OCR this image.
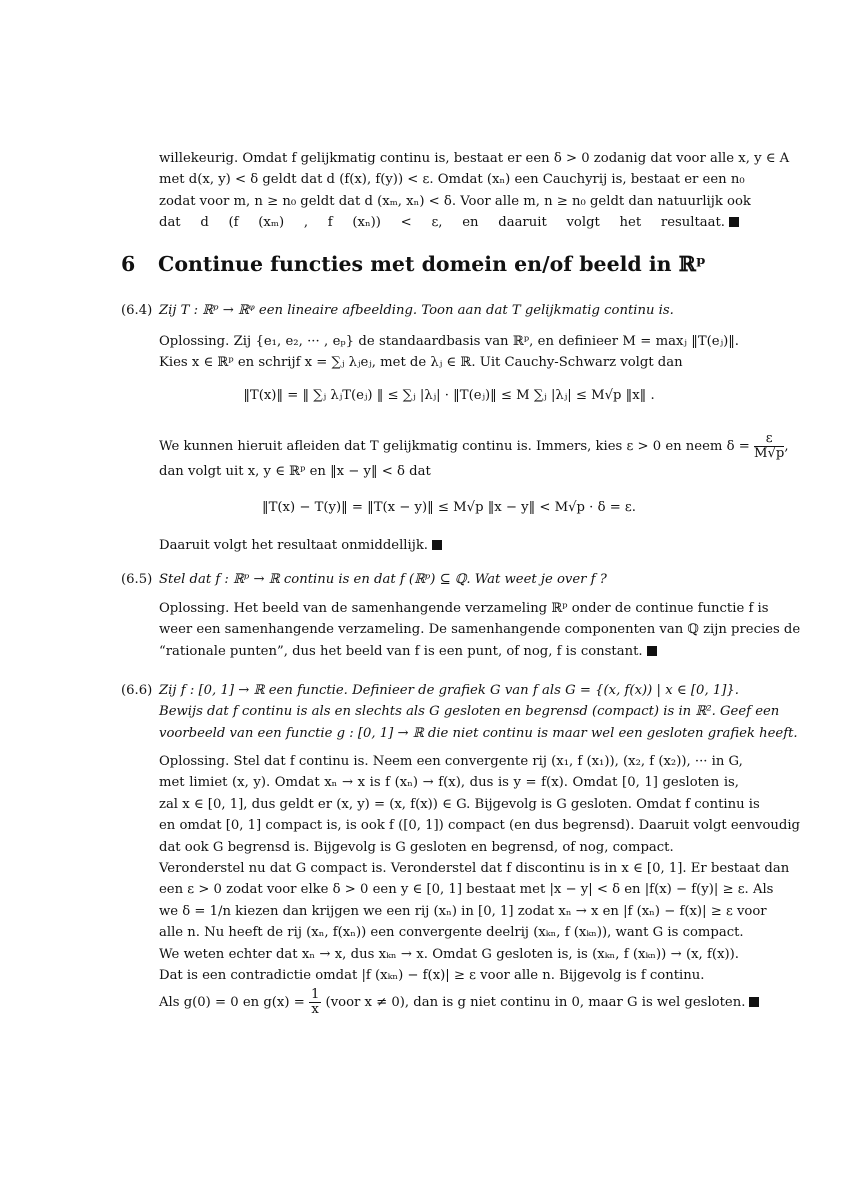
willekeurig. Omdat f gelijkmatig continu is, bestaat er een δ > 0 zodanig dat voor alle x, y ∈ A
met d(x, y) < δ geldt dat d (f(x), f(y)) < ε. Omdat (xₙ) een Cauchyrij is, bestaat er een n₀
zodat voor m, n ≥ n₀ geldt dat d (xₘ, xₙ) < δ. Voor alle m, n ≥ n₀ geldt dan natuurlijk ook
dat d (f (xₘ) , f (xₙ)) < ε, en daaruit volgt het resultaat.
6 Continue functies met domein en/of beeld in ℝᵖ
(6.4) Zij T : ℝᵖ → ℝᵠ een lineaire afbeelding. Toon aan dat T gelijkmatig continu is.
Oplossing. Zij {e₁, e₂, ··· , eₚ} de standaardbasis van ℝᵖ, en definieer M = maxⱼ ‖T(eⱼ)‖.
Kies x ∈ ℝᵖ en schrijf x = ∑ⱼ λⱼeⱼ, met de λⱼ ∈ ℝ. Uit Cauchy-Schwarz volgt dan
‖T(x)‖ = ‖ ∑ⱼ λⱼT(eⱼ) ‖ ≤ ∑ⱼ |λⱼ| · ‖T(eⱼ)‖ ≤ M ∑ⱼ |λⱼ| ≤ M√p ‖x‖ .
We kunnen hieruit afleiden dat T gelijkmatig continu is. Immers, kies ε > 0 en neem $\delta = \frac{\varepsilon}{M√p}$ ,
dan volgt uit x, y ∈ ℝᵖ en ‖x − y‖ < δ dat
‖T(x) − T(y)‖ = ‖T(x − y)‖ ≤ M√p ‖x − y‖ < M√p · δ = ε.
Daaruit volgt het resultaat onmiddellijk.
(6.5) Stel dat f : ℝᵖ → ℝ continu is en dat f (ℝᵖ) ⊆ ℚ. Wat weet je over f ?
Oplossing. Het beeld van de samenhangende verzameling ℝᵖ onder de continue functie f is
weer een samenhangende verzameling. De samenhangende componenten van ℚ zijn precies de
“rationale punten”, dus het beeld van f is een punt, of nog, f is constant.
(6.6) Zij f : [0, 1] → ℝ een functie. Definieer de grafiek G van f als G = {(x, f(x)) | x ∈ [0, 1]}.
Bewijs dat f continu is als en slechts als G gesloten en begrensd (compact) is in ℝ². Geef een
voorbeeld van een functie g : [0, 1] → ℝ die niet continu is maar wel een gesloten grafiek heeft.
Oplossing. Stel dat f continu is. Neem een convergente rij (x₁, f (x₁)), (x₂, f (x₂)), ··· in G,
met limiet (x, y). Omdat xₙ → x is f (xₙ) → f(x), dus is y = f(x). Omdat [0, 1] gesloten is,
zal x ∈ [0, 1], dus geldt er (x, y) = (x, f(x)) ∈ G. Bijgevolg is G gesloten. Omdat f continu is
en omdat [0, 1] compact is, is ook f ([0, 1]) compact (en dus begrensd). Daaruit volgt eenvoudig
dat ook G begrensd is. Bijgevolg is G gesloten en begrensd, of nog, compact.
Veronderstel nu dat G compact is. Veronderstel dat f discontinu is in x ∈ [0, 1]. Er bestaat dan
een ε > 0 zodat voor elke δ > 0 een y ∈ [0, 1] bestaat met |x − y| < δ en |f(x) − f(y)| ≥ ε. Als
we δ = 1/n kiezen dan krijgen we een rij (xₙ) in [0, 1] zodat xₙ → x en |f (xₙ) − f(x)| ≥ ε voor
alle n. Nu heeft de rij (xₙ, f(xₙ)) een convergente deelrij (xₖₙ, f (xₖₙ)), want G is compact.
We weten echter dat xₙ → x, dus xₖₙ → x. Omdat G gesloten is, is (xₖₙ, f (xₖₙ)) → (x, f(x)).
Dat is een contradictie omdat |f (xₖₙ) − f(x)| ≥ ε voor alle n. Bijgevolg is f continu.
Als g(0) = 0 en $g(x) = \frac{1}{x}$ (voor x ≠ 0), dan is g niet continu in 0, maar G is wel gesloten.
